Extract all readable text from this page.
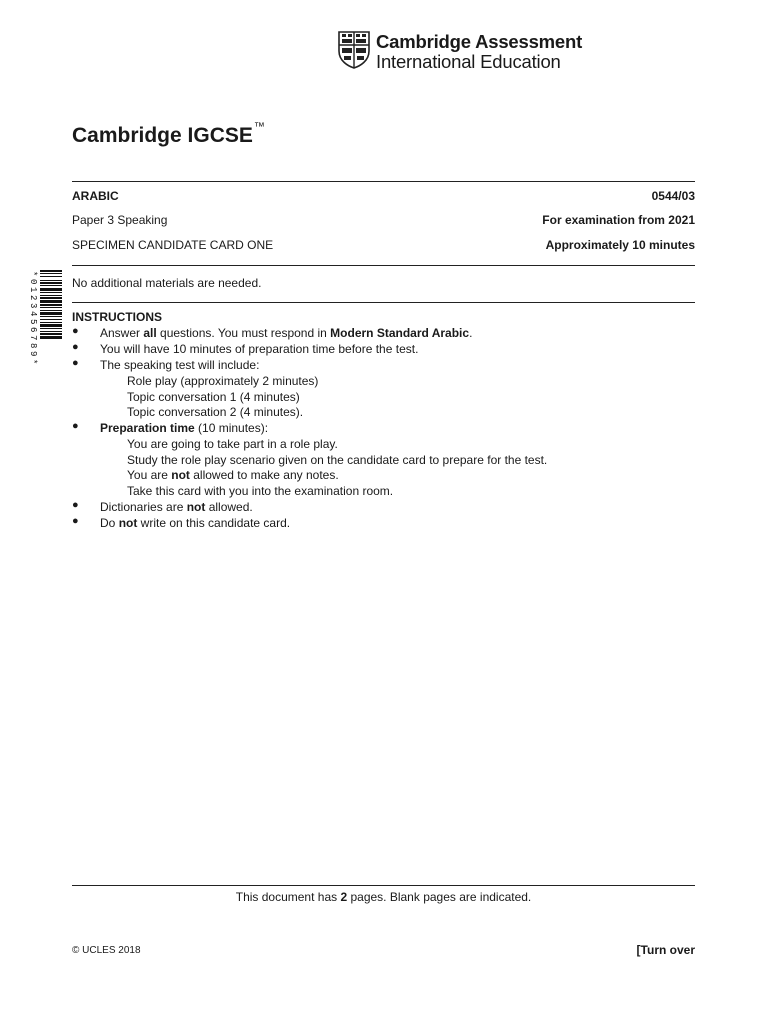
Cambridge Assessment
International Education
Cambridge IGCSE™
ARABIC	0544/03
Paper 3 Speaking	For examination from 2021
SPECIMEN CANDIDATE CARD ONE	Approximately 10 minutes
*0123456789*	No additional materials are needed.
INSTRUCTIONS
● Answer all questions. You must respond in Modern Standard Arabic.
● You will have 10 minutes of preparation time before the test.
● The speaking test will include:
Role play (approximately 2 minutes)
Topic conversation 1 (4 minutes)
Topic conversation 2 (4 minutes).
● Preparation time (10 minutes):
You are going to take part in a role play.
Study the role play scenario given on the candidate card to prepare for the test.
You are not allowed to make any notes.
Take this card with you into the examination room.
● Dictionaries are not allowed.
● Do not write on this candidate card.
This document has 2 pages. Blank pages are indicated.
© UCLES 2018	[Turn over
